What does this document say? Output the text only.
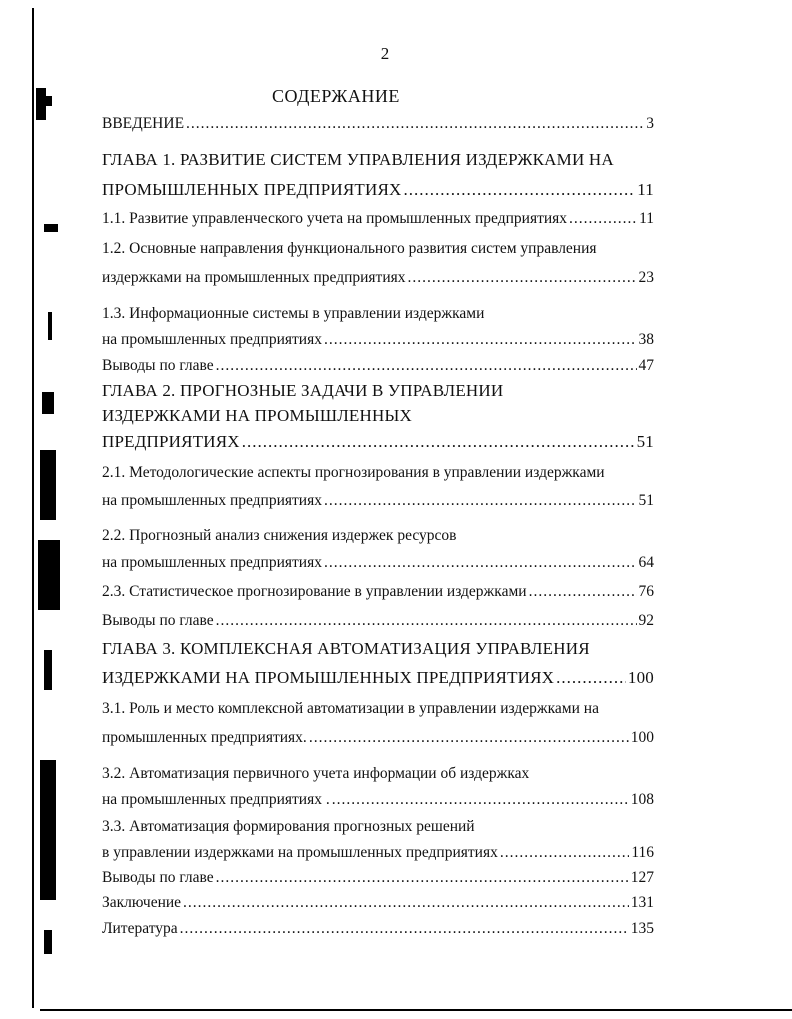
2
СОДЕРЖАНИЕ
ВВЕДЕНИЕ .....	3
ГЛАВА 1. РАЗВИТИЕ СИСТЕМ УПРАВЛЕНИЯ ИЗДЕРЖКАМИ НА
ПРОМЫШЛЕННЫХ ПРЕДПРИЯТИЯХ .....	11
1.1. Развитие управленческого учета на промышленных предприятиях .....	11
1.2. Основные направления функционального развития систем управления
издержками на промышленных предприятиях .....	23
1.3. Информационные системы в управлении издержками
на промышленных предприятиях .....	38
Выводы по главе .....	47
ГЛАВА 2. ПРОГНОЗНЫЕ ЗАДАЧИ В УПРАВЛЕНИИ
ИЗДЕРЖКАМИ НА ПРОМЫШЛЕННЫХ
ПРЕДПРИЯТИЯХ .....	51
2.1. Методологические аспекты прогнозирования в управлении издержками
на промышленных предприятиях .....	51
2.2. Прогнозный анализ снижения издержек ресурсов
на промышленных предприятиях .....	64
2.3. Статистическое прогнозирование в управлении издержками .....	76
Выводы по главе .....	92
ГЛАВА 3. КОМПЛЕКСНАЯ АВТОМАТИЗАЦИЯ УПРАВЛЕНИЯ
ИЗДЕРЖКАМИ НА ПРОМЫШЛЕННЫХ ПРЕДПРИЯТИЯХ .....	100
3.1. Роль и место комплексной автоматизации в управлении издержками на
промышленных предприятиях. .....	100
3.2. Автоматизация первичного учета информации об издержках
на промышленных предприятиях . .....	108
3.3. Автоматизация формирования прогнозных решений
в управлении издержками на промышленных предприятиях .....	116
Выводы по главе .....	127
Заключение .....	131
Литература .....	135
